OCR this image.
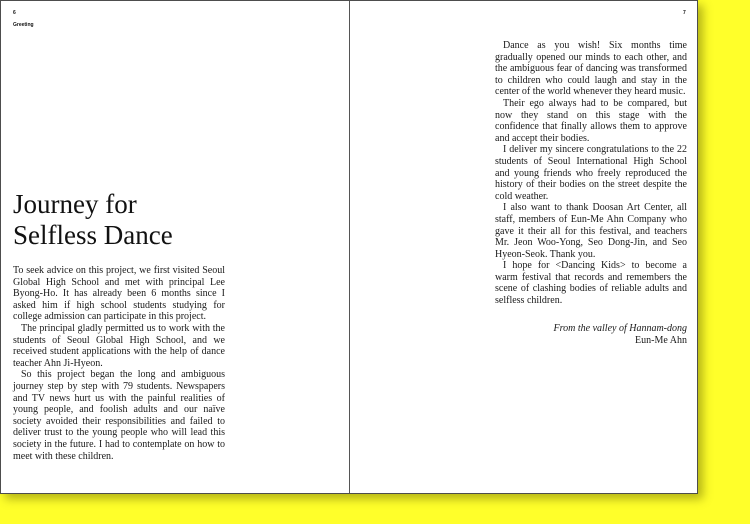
6
Greeting
Journey for
Selfless Dance

To seek advice on this project, we first visited Seoul Global High School and met with principal Lee Byong-Ho. It has already been 6 months since I asked him if high school students studying for college admission can participate in this project.

The principal gladly permitted us to work with the students of Seoul Global High School, and we received student applications with the help of dance teacher Ahn Ji-Hyeon.

So this project began the long and ambiguous journey step by step with 79 students. Newspapers and TV news hurt us with the painful realities of young people, and foolish adults and our naïve society avoided their responsibilities and failed to deliver trust to the young people who will lead this society in the future. I had to contemplate on how to meet with these children.

7

Dance as you wish! Six months time gradually opened our minds to each other, and the ambiguous fear of dancing was transformed to children who could laugh and stay in the center of the world whenever they heard music.

Their ego always had to be compared, but now they stand on this stage with the confidence that finally allows them to approve and accept their bodies.

I deliver my sincere congratulations to the 22 students of Seoul International High School and young friends who freely reproduced the history of their bodies on the street despite the cold weather.

I also want to thank Doosan Art Center, all staff, members of Eun-Me Ahn Company who gave it their all for this festival, and teachers Mr. Jeon Woo-Yong, Seo Dong-Jin, and Seo Hyeon-Seok. Thank you.

I hope for <Dancing Kids> to become a warm festival that records and remembers the scene of clashing bodies of reliable adults and selfless children.

From the valley of Hannam-dong
Eun-Me Ahn
